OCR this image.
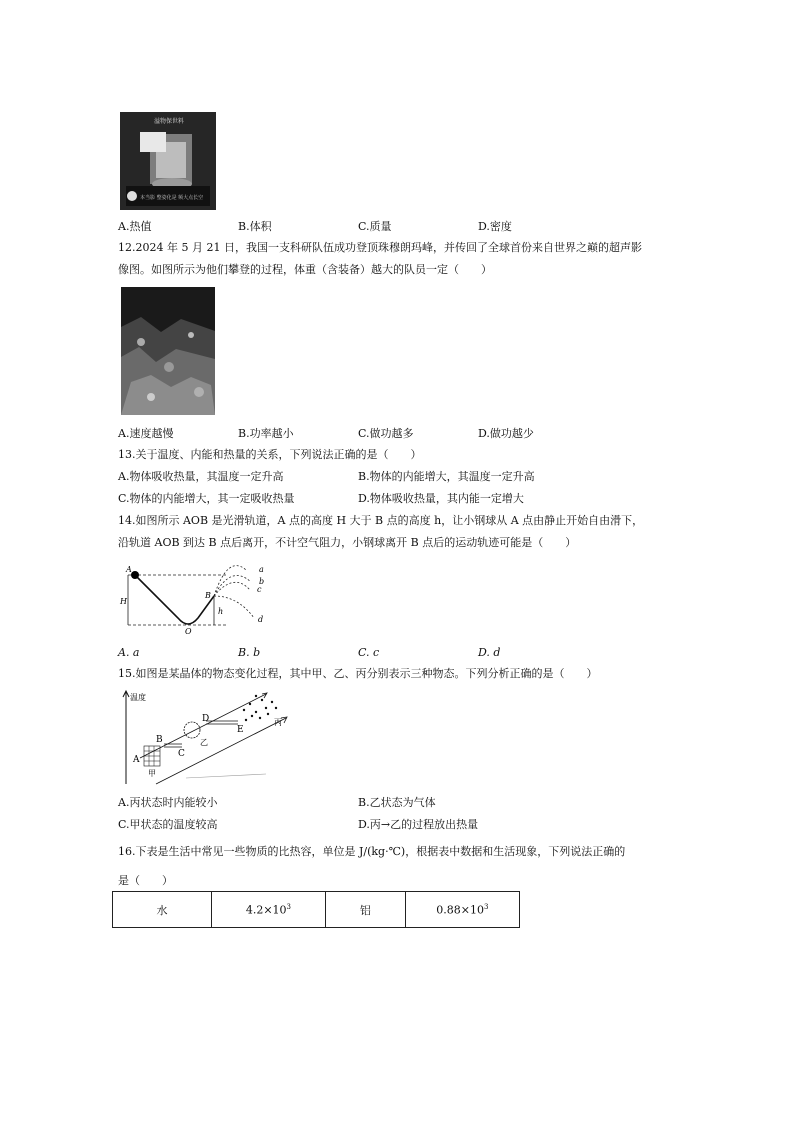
溢物保世料
本当影 整姿化是 频大点长空
A.热值	B.体积	C.质量	D.密度
12.2024 年 5 月 21 日，我国一支科研队伍成功登顶珠穆朗玛峰，并传回了全球首份来自世界之巅的超声影
像图。如图所示为他们攀登的过程，体重（含装备）越大的队员一定（　　）
A.速度越慢	B.功率越小	C.做功越多	D.做功越少
13.关于温度、内能和热量的关系，下列说法正确的是（　　）
A.物体吸收热量，其温度一定升高	B.物体的内能增大，其温度一定升高
C.物体的内能增大，其一定吸收热量	D.物体吸收热量，其内能一定增大
14.如图所示 AOB 是光滑轨道，A 点的高度 H 大于 B 点的高度 h，让小钢球从 A 点由静止开始自由滑下，
沿轨道 AOB 到达 B 点后离开，不计空气阻力，小钢球离开 B 点后的运动轨迹可能是（　　）
A
H
B
h
O
a
b
c
d
A. a	B. b	C. c	D. d
15.如图是某晶体的物态变化过程，其中甲、乙、丙分别表示三种物态。下列分析正确的是（　　）
温度
A
B
C
D
E
甲
乙
丙
A.丙状态时内能较小	B.乙状态为气体
C.甲状态的温度较高	D.丙→乙的过程放出热量
16.下表是生活中常见一些物质的比热容，单位是 J/(kg·℃)，根据表中数据和生活现象，下列说法正确的
是（　　）
水	$4.2\times 10^3$	铝	$0.88\times 10^3$
